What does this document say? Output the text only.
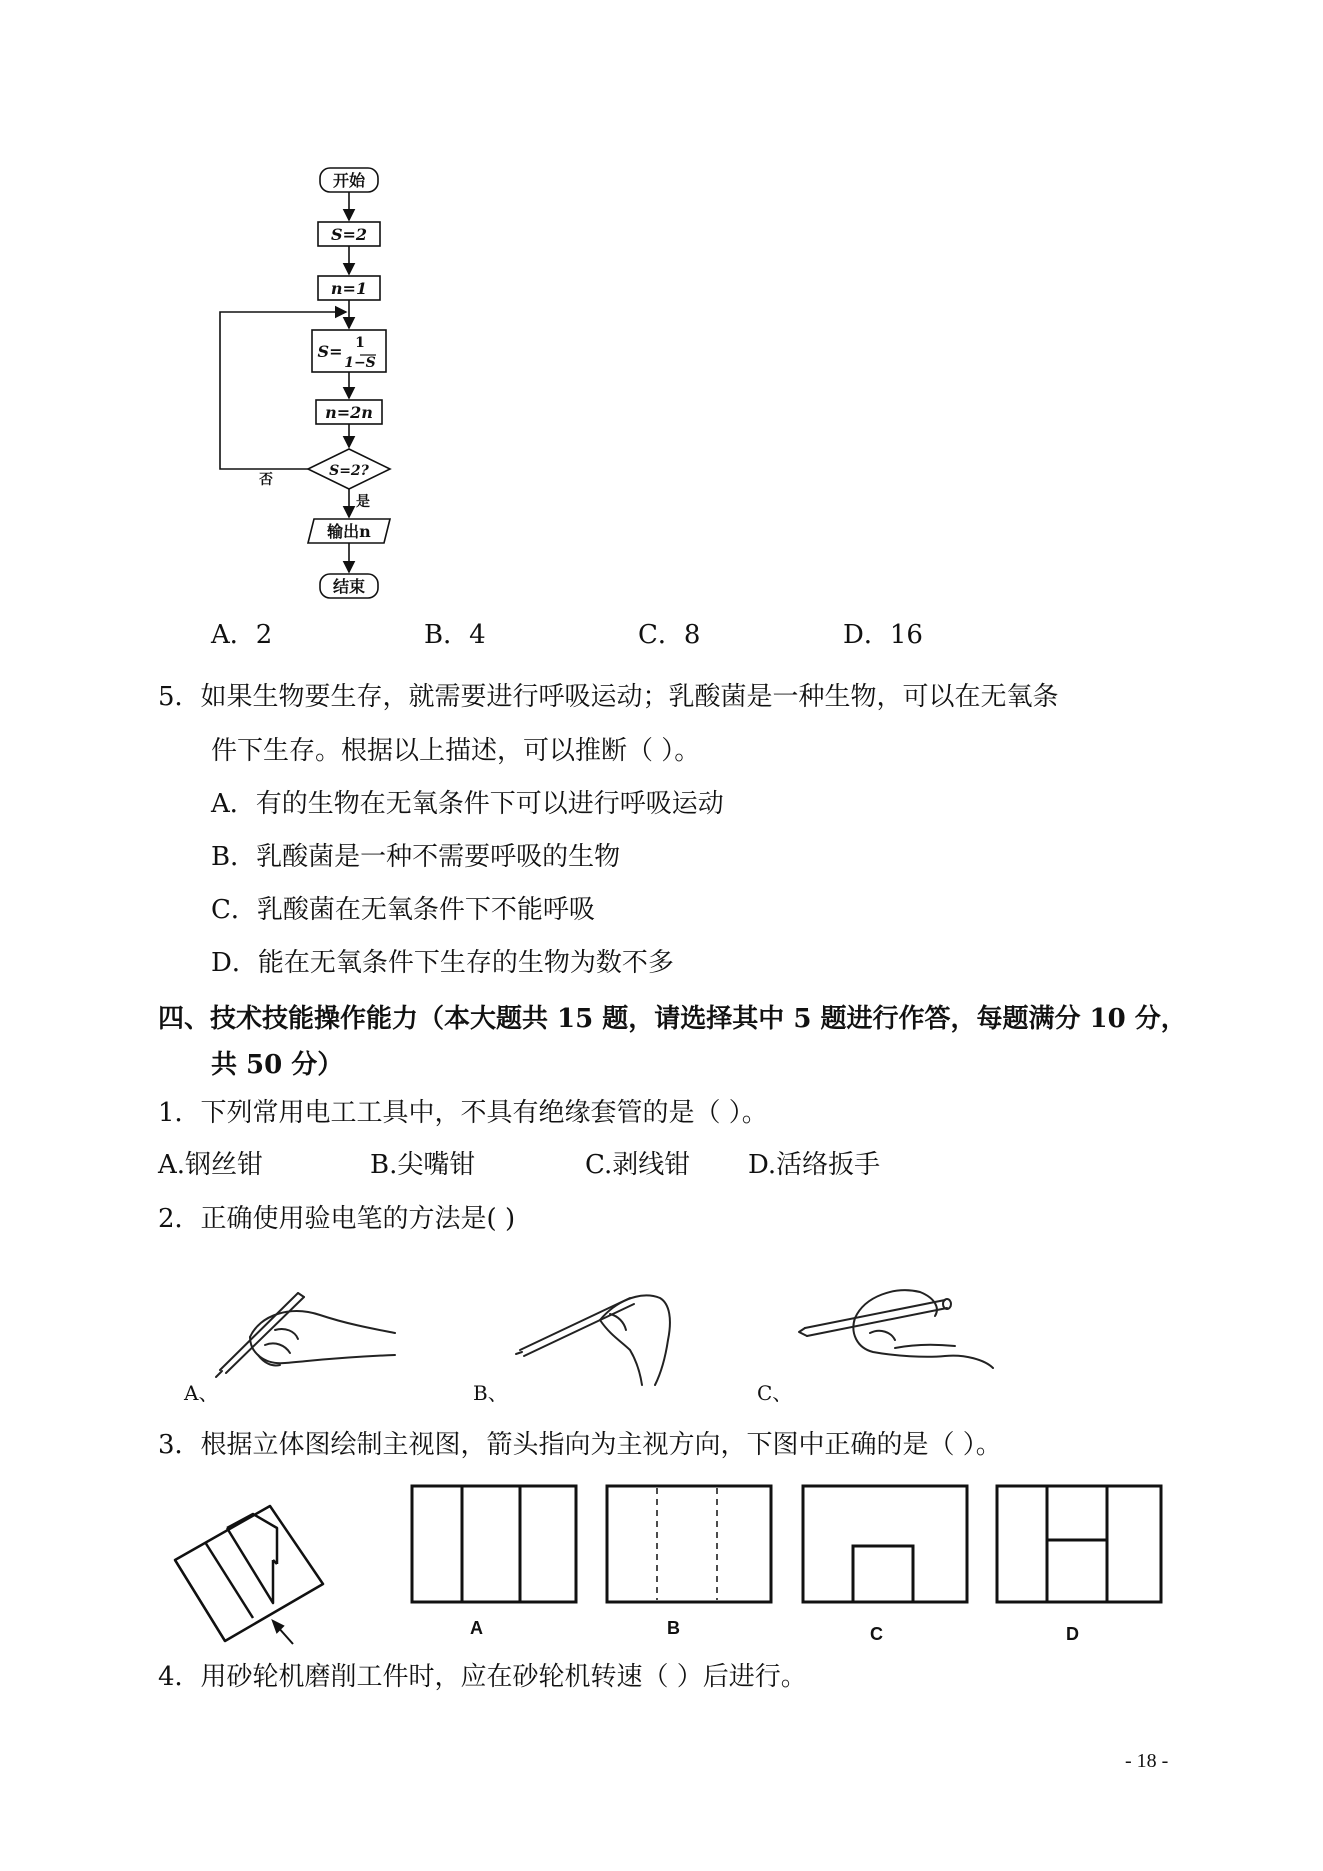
开始
S=2
n=1
S= 1
1−S
n=2n
S=2?
否
是
输出n
结束
A．2	B．4	C．8	D．16
5．如果生物要生存，就需要进行呼吸运动；乳酸菌是一种生物，可以在无氧条
件下生存。根据以上描述，可以推断（ ）。
A．有的生物在无氧条件下可以进行呼吸运动
B．乳酸菌是一种不需要呼吸的生物
C．乳酸菌在无氧条件下不能呼吸
D．能在无氧条件下生存的生物为数不多
四、技术技能操作能力（本大题共 15 题，请选择其中 5 题进行作答，每题满分 10 分，
共 50 分）
1．下列常用电工工具中，不具有绝缘套管的是（ ）。
A.钢丝钳	B.尖嘴钳	C.剥线钳 D.活络扳手
2．正确使用验电笔的方法是( )
A、	B、	C、
3．根据立体图绘制主视图，箭头指向为主视方向，下图中正确的是（ ）。
A	B	C	D
4．用砂轮机磨削工件时，应在砂轮机转速（ ）后进行。
- 18 -
